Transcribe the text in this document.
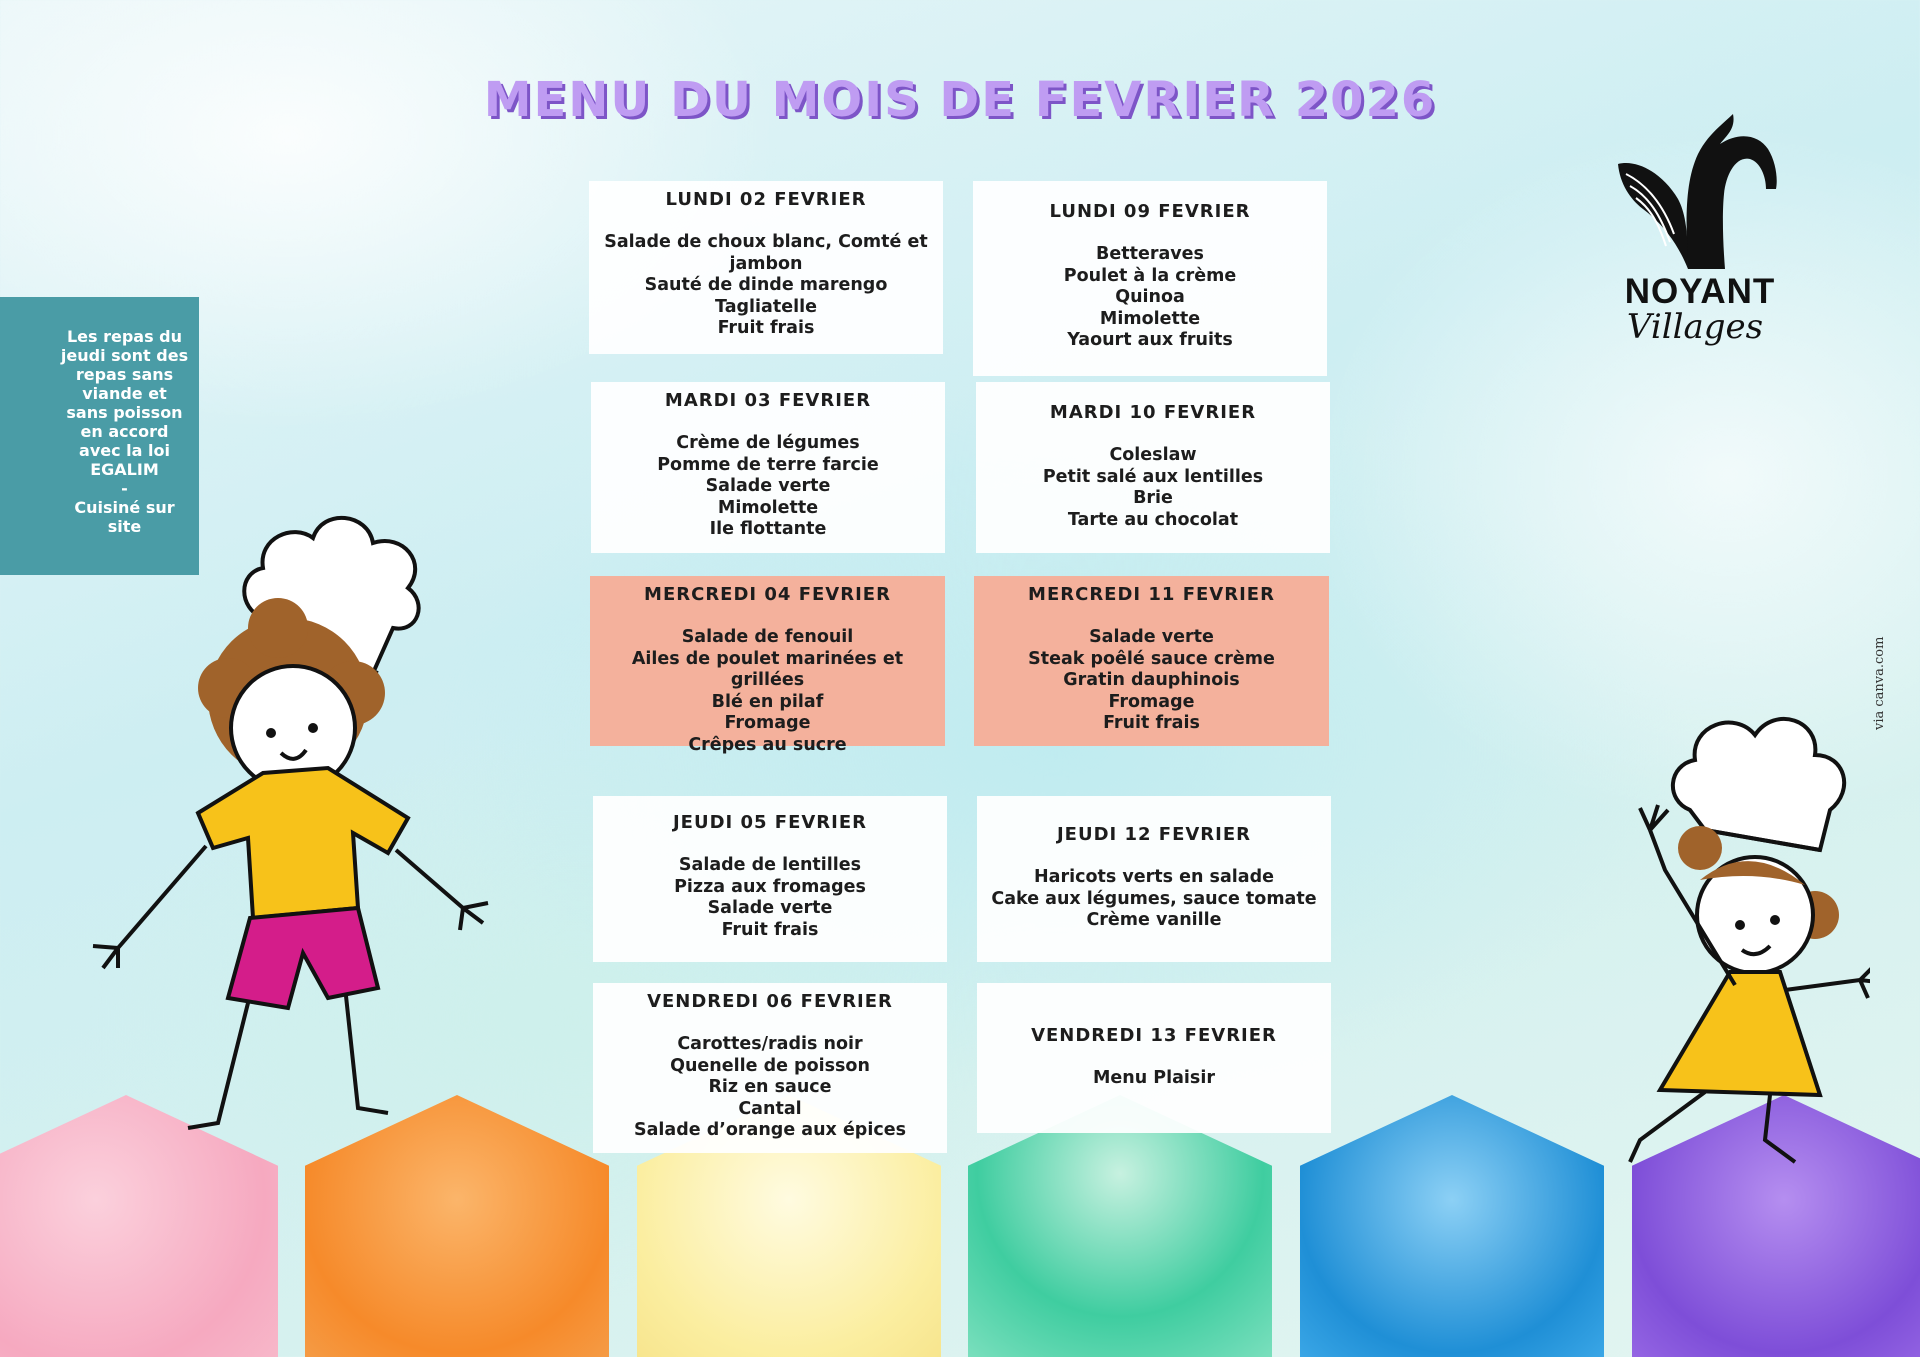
MENU DU MOIS DE FEVRIER 2026

Les repas du jeudi sont des repas sans viande et sans poisson en accord avec la loi EGALIM

-

Cuisiné sur site

LUNDI 02 FEVRIER
Salade de choux blanc, Comté et jambon
Sauté de dinde marengo
Tagliatelle
Fruit frais
LUNDI 09 FEVRIER
Betteraves
Poulet à la crème
Quinoa
Mimolette
Yaourt aux fruits
MARDI 03 FEVRIER
Crème de légumes
Pomme de terre farcie
Salade verte
Mimolette
Ile flottante
MARDI 10 FEVRIER
Coleslaw
Petit salé aux lentilles
Brie
Tarte au chocolat
MERCREDI 04 FEVRIER
Salade de fenouil
Ailes de poulet marinées et grillées
Blé en pilaf
Fromage
Crêpes au sucre
MERCREDI 11 FEVRIER
Salade verte
Steak poêlé sauce crème
Gratin dauphinois
Fromage
Fruit frais
JEUDI 05 FEVRIER
Salade de lentilles
Pizza aux fromages
Salade verte
Fruit frais
JEUDI 12 FEVRIER
Haricots verts en salade
Cake aux légumes, sauce tomate
Crème vanille
VENDREDI 06 FEVRIER
Carottes/radis noir
Quenelle de poisson
Riz en sauce
Cantal
Salade d’orange aux épices
VENDREDI 13 FEVRIER
Menu Plaisir
NOYANT
Villages
via canva.com
